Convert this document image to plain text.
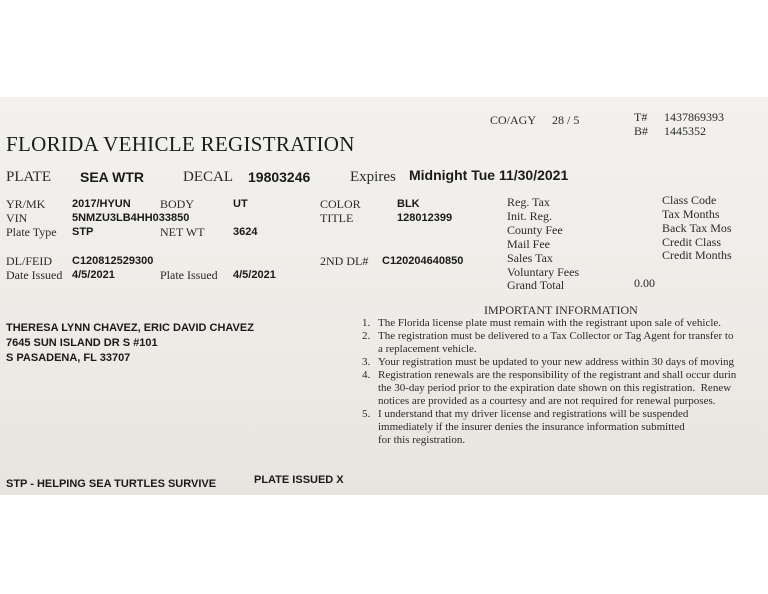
FLORIDA VEHICLE REGISTRATION
CO/AGY 28 / 5	T# 1437869393
B# 1445352
PLATE SEA WTR	DECAL 19803246	Expires Midnight Tue 11/30/2021
YR/MK 2017/HYUN BODY	UT	COLOR	BLK
VIN	5NMZU3LB4HH033850	TITLE	128012399
Plate Type STP	NET WT	3624
DL/FEID C120812529300	2ND DL# C120204640850
Date Issued 4/5/2021	Plate Issued 4/5/2021
Reg. Tax
Init. Reg.
County Fee
Mail Fee
Sales Tax
Voluntary Fees
Grand Total	0.00
Class Code
Tax Months
Back Tax Mos
Credit Class
Credit Months
THERESA LYNN CHAVEZ, ERIC DAVID CHAVEZ
7645 SUN ISLAND DR S #101
S PASADENA, FL 33707
IMPORTANT INFORMATION
1. The Florida license plate must remain with the registrant upon sale of vehicle.
2. The registration must be delivered to a Tax Collector or Tag Agent for transfer to
a replacement vehicle.
3. Your registration must be updated to your new address within 30 days of moving
4. Registration renewals are the responsibility of the registrant and shall occur durin
the 30-day period prior to the expiration date shown on this registration.  Renew
notices are provided as a courtesy and are not required for renewal purposes.
5. I understand that my driver license and registrations will be suspended
immediately if the insurer denies the insurance information submitted
for this registration.
STP - HELPING SEA TURTLES SURVIVE	PLATE ISSUED X
